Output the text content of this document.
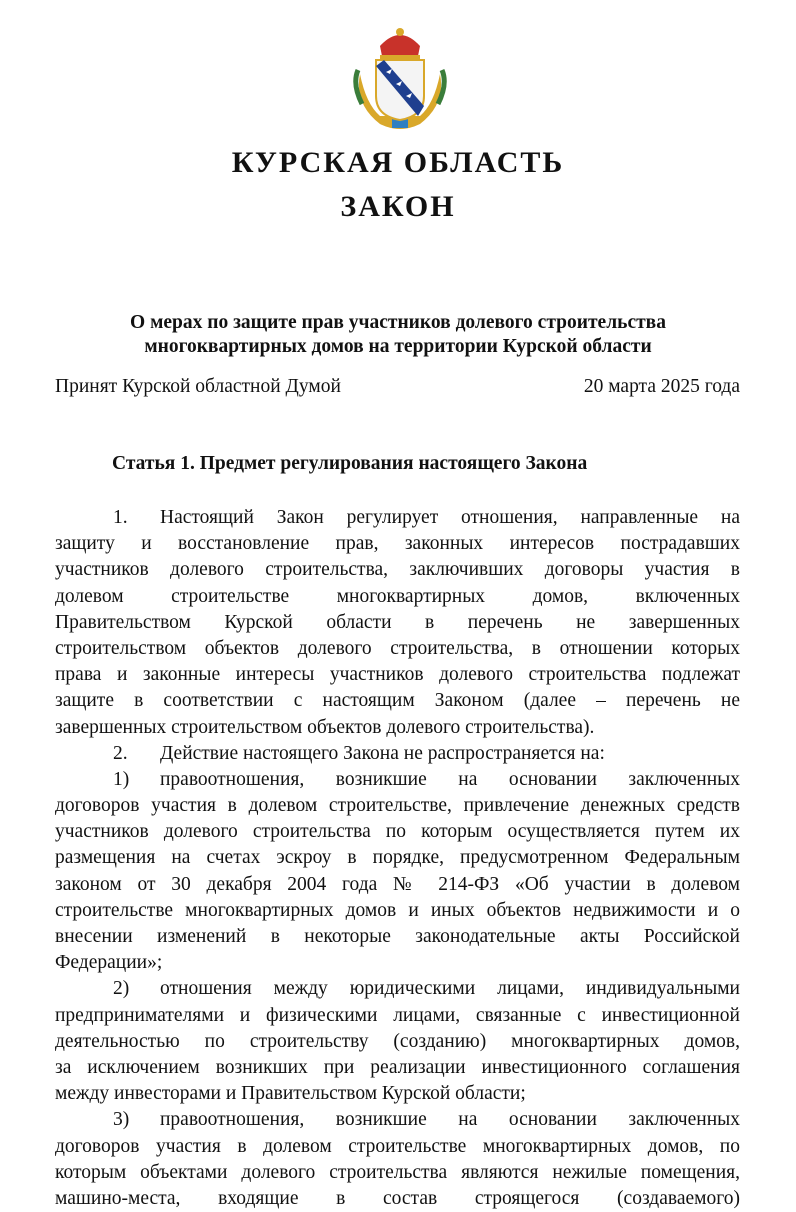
КУРСКАЯ ОБЛАСТЬ
ЗАКОН
О мерах по защите прав участников долевого строительства
многоквартирных домов на территории Курской области
Принят Курской областной Думой	20 марта 2025 года
Статья 1. Предмет регулирования настоящего Закона
1. Настоящий Закон регулирует отношения, направленные на
защиту и восстановление прав, законных интересов пострадавших
участников долевого строительства, заключивших договоры участия в
долевом строительстве многоквартирных домов, включенных
Правительством Курской области в перечень не завершенных
строительством объектов долевого строительства, в отношении которых
права и законные интересы участников долевого строительства подлежат
защите в соответствии с настоящим Законом (далее – перечень не
завершенных строительством объектов долевого строительства).
2. Действие настоящего Закона не распространяется на:
1) правоотношения, возникшие на основании заключенных
договоров участия в долевом строительстве, привлечение денежных средств
участников долевого строительства по которым осуществляется путем их
размещения на счетах эскроу в порядке, предусмотренном Федеральным
законом от 30 декабря 2004 года № 214-ФЗ «Об участии в долевом
строительстве многоквартирных домов и иных объектов недвижимости и о
внесении изменений в некоторые законодательные акты Российской
Федерации»;
2) отношения между юридическими лицами, индивидуальными
предпринимателями и физическими лицами, связанные с инвестиционной
деятельностью по строительству (созданию) многоквартирных домов,
за исключением возникших при реализации инвестиционного соглашения
между инвесторами и Правительством Курской области;
3) правоотношения, возникшие на основании заключенных
договоров участия в долевом строительстве многоквартирных домов, по
которым объектами долевого строительства являются нежилые помещения,
машино-места, входящие в состав строящегося (создаваемого)
